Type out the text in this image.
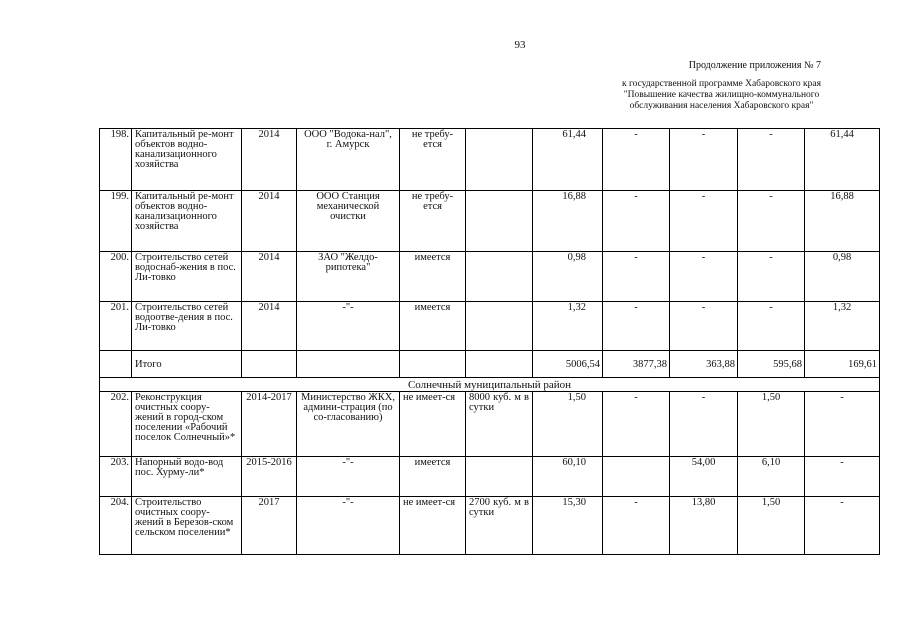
93
Продолжение приложения № 7
к государственной программе Хабаровского края
"Повышение качества жилищно-коммунального
обслуживания населения Хабаровского края"
198.	Капитальный ре-монт объектов водно-канализационного хозяйства	2014	ООО "Водока-нал", г. Амурск	не требу-ется		61,44	-	-	-	61,44
199.	Капитальный ре-монт объектов водно-канализационного хозяйства	2014	ООО Станция механической очистки	не требу-ется		16,88	-	-	-	16,88
200.	Строительство сетей водоснаб-жения в пос. Ли-товко	2014	ЗАО "Желдо-рипотека"	имеется		0,98	-	-	-	0,98
201.	Строительство сетей водоотве-дения в пос. Ли-товко	2014	-"-	имеется		1,32	-	-	-	1,32
	Итого					5006,54	3877,38	363,88	595,68	169,61
Солнечный муниципальный район										
202.	Реконструкция очистных соору-жений в город-ском поселении «Рабочий поселок Солнечный»*	2014-2017	Министерство ЖКХ, админи-страция (по со-гласованию)	не имеет-ся	8000 куб. м в сутки	1,50	-	-	1,50	-
203.	Напорный водо-вод пос. Хурму-ли*	2015-2016	-"-	имеется		60,10		54,00	6,10	-
204.	Строительство очистных соору-жений в Березов-ском сельском поселении*	2017	-"-	не имеет-ся	2700 куб. м в сутки	15,30	-	13,80	1,50	-
